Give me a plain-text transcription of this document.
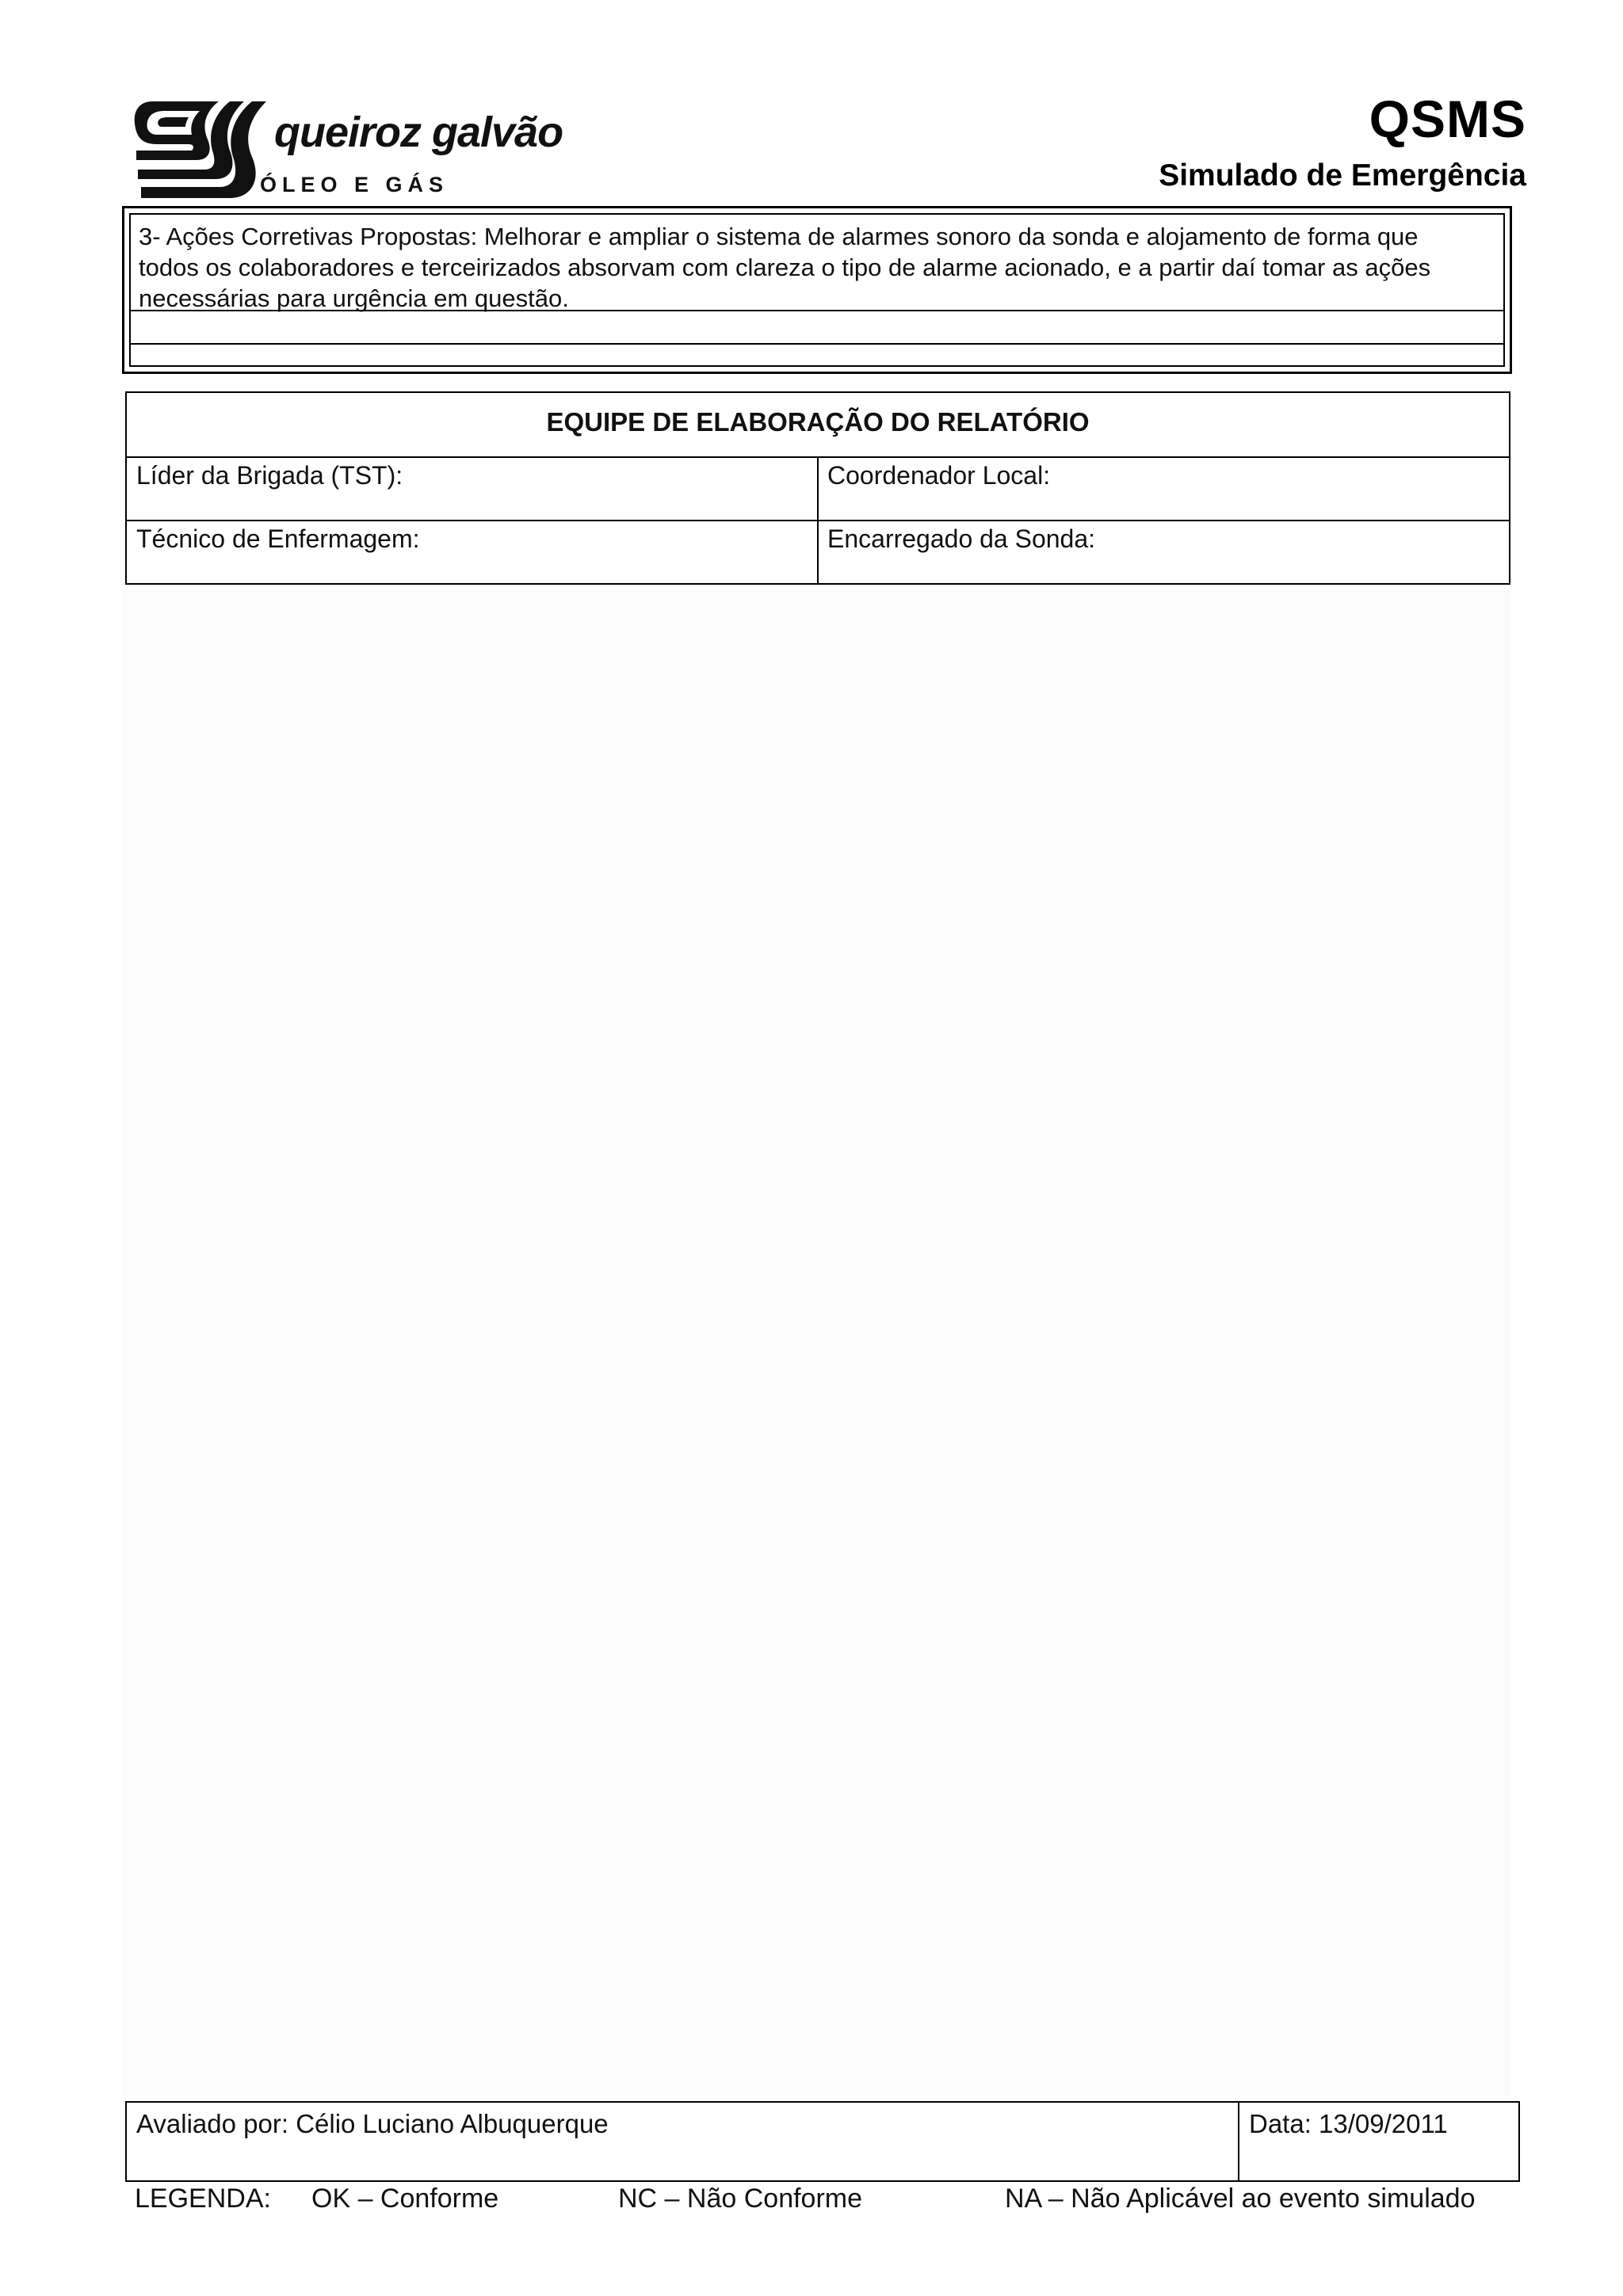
queiroz galvão
ÓLEO E GÁS
QSMS
Simulado de Emergência
3- Ações Corretivas Propostas: Melhorar e ampliar o sistema de alarmes sonoro da sonda e alojamento de forma que todos os colaboradores e terceirizados absorvam com clareza o tipo de alarme acionado, e a partir daí tomar as ações necessárias para urgência em questão.
EQUIPE DE ELABORAÇÃO DO RELATÓRIO
Líder da Brigada (TST):	Coordenador Local:
Técnico de Enfermagem:	Encarregado da Sonda:
Avaliado por: Célio Luciano Albuquerque	Data: 13/09/2011
LEGENDA: OK – Conforme	NC – Não Conforme	NA – Não Aplicável ao evento simulado
